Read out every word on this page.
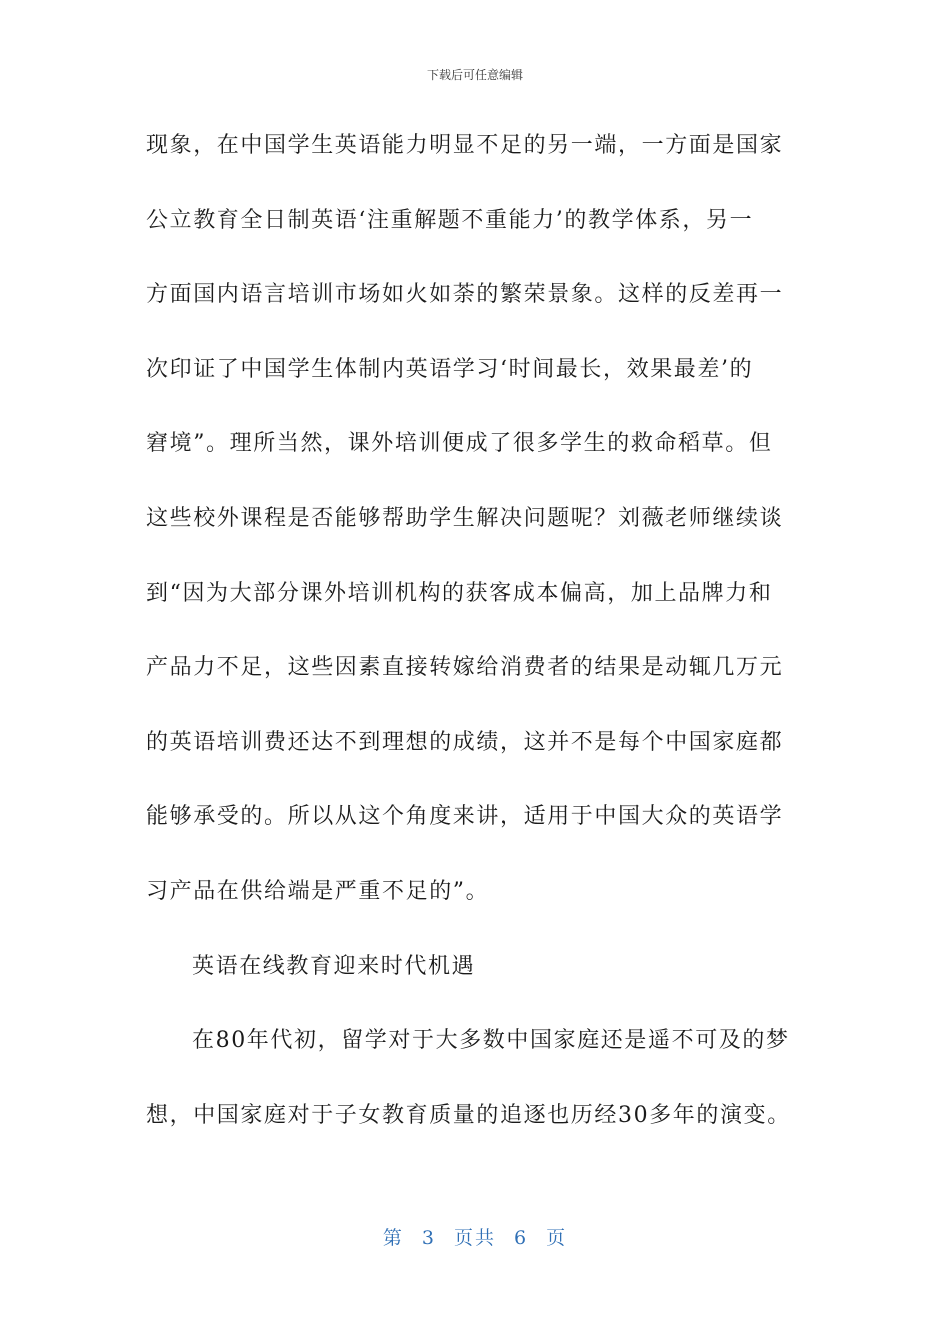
下载后可任意编辑
现象，在中国学生英语能力明显不足的另一端，一方面是国家
公立教育全日制英语‘注重解题不重能力’的教学体系，另一
方面国内语言培训市场如火如荼的繁荣景象。这样的反差再一
次印证了中国学生体制内英语学习‘时间最长，效果最差’的
窘境”。理所当然，课外培训便成了很多学生的救命稻草。但
这些校外课程是否能够帮助学生解决问题呢？刘薇老师继续谈
到“因为大部分课外培训机构的获客成本偏高，加上品牌力和
产品力不足，这些因素直接转嫁给消费者的结果是动辄几万元
的英语培训费还达不到理想的成绩，这并不是每个中国家庭都
能够承受的。所以从这个角度来讲，适用于中国大众的英语学
习产品在供给端是严重不足的”。
英语在线教育迎来时代机遇
在80年代初，留学对于大多数中国家庭还是遥不可及的梦
想，中国家庭对于子女教育质量的追逐也历经30多年的演变。
第 3 页共 6 页
